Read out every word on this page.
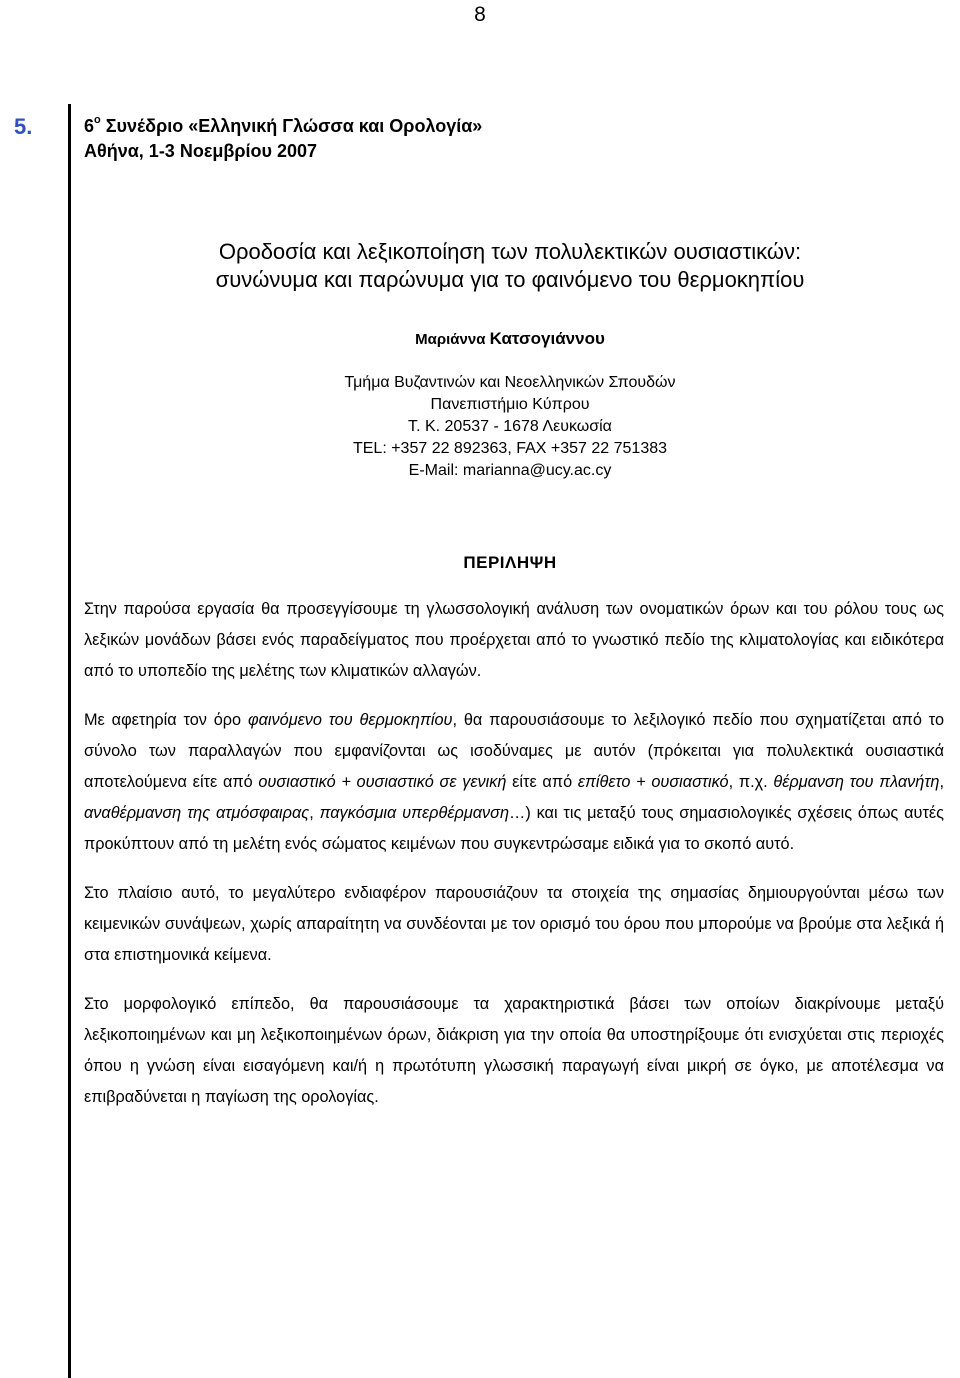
8
5.	$6^o$ Συνέδριο «Ελληνική Γλώσσα και Ορολογία»
Αθήνα, 1-3 Νοεμβρίου 2007
Οροδοσία και λεξικοποίηση των πολυλεκτικών ουσιαστικών:
συνώνυμα και παρώνυμα για το φαινόμενο του θερμοκηπίου
Μαριάννα Κατσογιάννου
Τμήμα Βυζαντινών και Νεοελληνικών Σπουδών
Πανεπιστήμιο Κύπρου
Τ. Κ. 20537 - 1678 Λευκωσία
TEL: +357 22 892363, FAX +357 22 751383
E-Mail: marianna@ucy.ac.cy
ΠΕΡΙΛΗΨΗ

Στην παρούσα εργασία θα προσεγγίσουμε τη γλωσσολογική ανάλυση των ονοματικών όρων και του ρόλου τους ως λεξικών μονάδων βάσει ενός παραδείγματος που προέρχεται από το γνωστικό πεδίο της κλιματολογίας και ειδικότερα από το υποπεδίο της μελέτης των κλιματικών αλλαγών.

Με αφετηρία τον όρο φαινόμενο του θερμοκηπίου, θα παρουσιάσουμε το λεξιλογικό πεδίο που σχηματίζεται από το σύνολο των παραλλαγών που εμφανίζονται ως ισοδύναμες με αυτόν (πρόκειται για πολυλεκτικά ουσιαστικά αποτελούμενα είτε από ουσιαστικό + ουσιαστικό σε γενική είτε από επίθετο + ουσιαστικό, π.χ. θέρμανση του πλανήτη, αναθέρμανση της ατμόσφαιρας, παγκόσμια υπερθέρμανση…) και τις μεταξύ τους σημασιολογικές σχέσεις όπως αυτές προκύπτουν από τη μελέτη ενός σώματος κειμένων που συγκεντρώσαμε ειδικά για το σκοπό αυτό.

Στο πλαίσιο αυτό, το μεγαλύτερο ενδιαφέρον παρουσιάζουν τα στοιχεία της σημασίας δημιουργούνται μέσω των κειμενικών συνάψεων, χωρίς απαραίτητη να συνδέονται με τον ορισμό του όρου που μπορούμε να βρούμε στα λεξικά ή στα επιστημονικά κείμενα.

Στο μορφολογικό επίπεδο, θα παρουσιάσουμε τα χαρακτηριστικά βάσει των οποίων διακρίνουμε μεταξύ λεξικοποιημένων και μη λεξικοποιημένων όρων, διάκριση για την οποία θα υποστηρίξουμε ότι ενισχύεται στις περιοχές όπου η γνώση είναι εισαγόμενη και/ή η πρωτότυπη γλωσσική παραγωγή είναι μικρή σε όγκο, με αποτέλεσμα να επιβραδύνεται η παγίωση της ορολογίας.
